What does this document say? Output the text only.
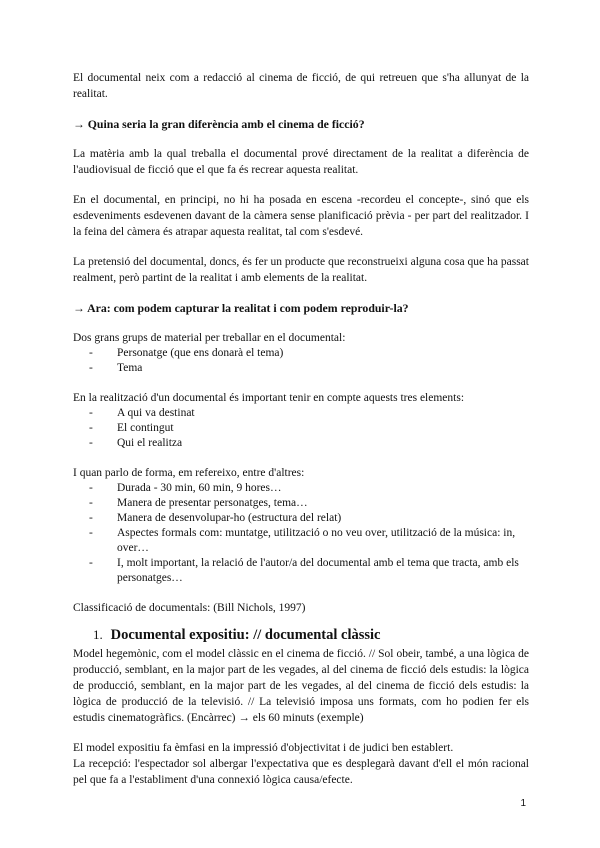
El documental neix com a redacció al cinema de ficció, de qui retreuen que s'ha allunyat de la realitat.

→ Quina seria la gran diferència amb el cinema de ficció?

La matèria amb la qual treballa el documental prové directament de la realitat a diferència de l'audiovisual de ficció que el que fa és recrear aquesta realitat.

En el documental, en principi, no hi ha posada en escena -recordeu el concepte-, sinó que els esdeveniments esdevenen davant de la càmera sense planificació prèvia - per part del realitzador. I la feina del càmera és atrapar aquesta realitat, tal com s'esdevé.

La pretensió del documental, doncs, és fer un producte que reconstrueixi alguna cosa que ha passat realment, però partint de la realitat i amb elements de la realitat.

→ Ara: com podem capturar la realitat i com podem reproduir-la?

Dos grans grups de material per treballar en el documental:

- Personatge (que ens donarà el tema)
- Tema

En la realització d'un documental és important tenir en compte aquests tres elements:

- A qui va destinat
- El contingut
- Qui el realitza

I quan parlo de forma, em refereixo, entre d'altres:

- Durada - 30 min, 60 min, 9 hores…
- Manera de presentar personatges, tema…
- Manera de desenvolupar-ho (estructura del relat)
- Aspectes formals com: muntatge, utilització o no veu over, utilització de la música: in, over…
- I, molt important, la relació de l'autor/a del documental amb el tema que tracta, amb els personatges…

Classificació de documentals: (Bill Nichols, 1997)

1. Documental expositiu: // documental clàssic

Model hegemònic, com el model clàssic en el cinema de ficció. // Sol obeir, també, a una lògica de producció, semblant, en la major part de les vegades, al del cinema de ficció dels estudis: la lògica de producció, semblant, en la major part de les vegades, al del cinema de ficció dels estudis: la lògica de producció de la televisió. // La televisió imposa uns formats, com ho podien fer els estudis cinematogràfics. (Encàrrec) → els 60 minuts (exemple)

El model expositiu fa èmfasi en la impressió d'objectivitat i de judici ben establert.

La recepció: l'espectador sol albergar l'expectativa que es desplegarà davant d'ell el món racional pel que fa a l'establiment d'una connexió lògica causa/efecte.

1
